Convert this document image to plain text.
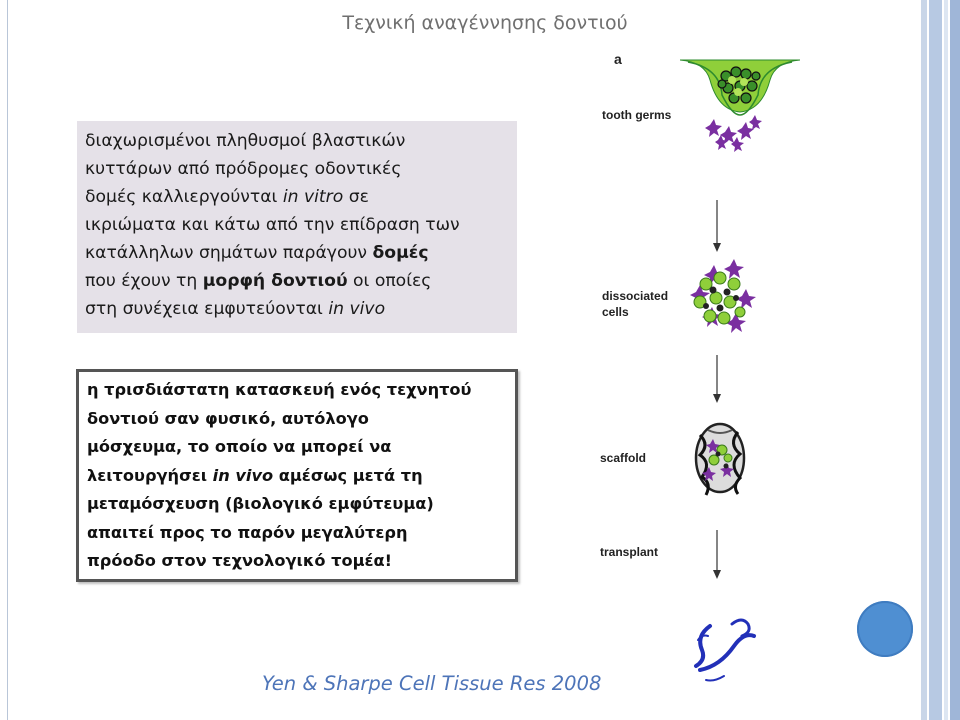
Τεχνική αναγέννησης δοντιού

διαχωρισμένοι πληθυσμοί βλαστικών

κυττάρων από πρόδρομες οδοντικές

δομές καλλιεργούνται in vitro σε

ικριώματα και κάτω από την επίδραση των

κατάλληλων σημάτων παράγουν δομές

που έχουν τη μορφή δοντιού οι οποίες

στη συνέχεια εμφυτεύονται in vivo

η τρισδιάστατη κατασκευή ενός τεχνητού

δοντιού σαν φυσικό, αυτόλογο

μόσχευμα, το οποίο να μπορεί να

λειτουργήσει in vivo αμέσως μετά τη

μεταμόσχευση (βιολογικό εμφύτευμα)

απαιτεί προς το παρόν μεγαλύτερη

πρόοδο στον τεχνολογικό τομέα!

Yen & Sharpe Cell Tissue Res 2008
a
tooth germs
dissociated
cells
scaffold
transplant
